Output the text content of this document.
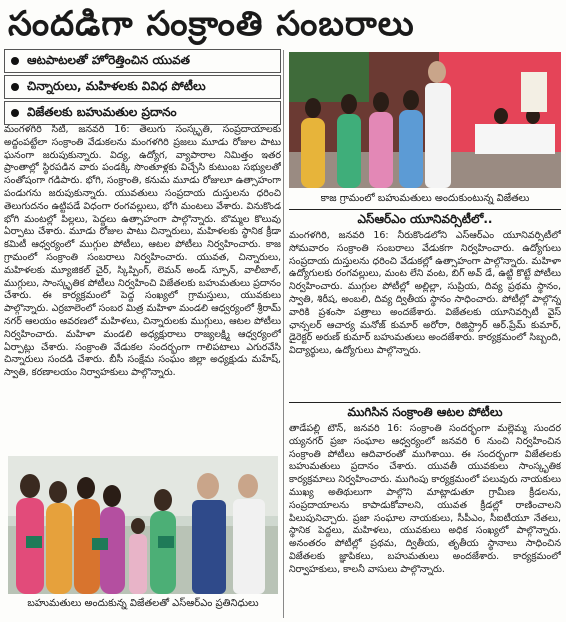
సందడిగా సంక్రాంతి సంబరాలు
ఆటపాటలతో హోరెత్తించిన యువత
చిన్నారులు, మహిళలకు వివిధ పోటీలు
విజేతలకు బహుమతుల ప్రదానం
మంగళగిరి సిటీ, జనవరి 16: తెలుగు సంస్కృతి, సంప్రదాయాలకు అద్దంపట్టేలా సంక్రాంతి వేడుకలను మంగళగిరి ప్రజలు మూడు రోజుల పాటు ఘనంగా జరుపుకున్నారు. విద్య, ఉద్యోగ, వ్యాపారాల నిమిత్తం ఇతర ప్రాంతాల్లో స్థిరపడిన వారు పండక్కి సొంతూళ్లకు విచ్చేసి కుటుంబ సభ్యులతో సంతోషంగా గడిపారు. భోగి, సంక్రాంతి, కనుమ మూడు రోజులూ ఉత్సాహంగా పండుగను జరుపుకున్నారు. యువతులు సంప్రదాయ దుస్తులను ధరించి తెలుగుదనం ఉట్టిపడే విధంగా రంగవల్లులు, భోగి మంటలు వేశారు. వినుకొండ భోగి మంటల్లో పిల్లలు, పెద్దలు ఉత్సాహంగా పాల్గొన్నారు. బొమ్మల కొలువు ఏర్పాటు చేశారు. మూడు రోజుల పాటు చిన్నారులు, మహిళలకు స్థానిక క్రీడా కమిటీ ఆధ్వర్యంలో ముగ్గుల పోటీలు, ఆటల పోటీలు నిర్వహించారు. కాజ గ్రామంలో సంక్రాంతి సంబరాలు నిర్వహించారు. యువత, చిన్నారులు, మహిళలకు మ్యూజికల్ చైర్, స్కిప్పింగ్, లెమన్ అండ్ స్పూన్, వాలీబాల్, ముగ్గులు, సాంస్కృతిక పోటీలు నిర్వహించి విజేతలకు బహుమతులు ప్రదానం చేశారు. ఈ కార్యక్రమంలో పెద్ద సంఖ్యలో గ్రామస్తులు, యువకులు పాల్గొన్నారు. ఎర్రబాలెంలో సంబర మిత్ర మహిళా మండలి ఆధ్వర్యంలో శ్రీరామ్ నగర్ ఆలయం ఆవరణలో మహిళలు, చిన్నారులకు ముగ్గులు, ఆటల పోటీలు నిర్వహించారు. మహిళా మండలి అధ్యక్షురాలు రాజ్యలక్ష్మి ఆధ్వర్యంలో ఏర్పాట్లు చేశారు. సంక్రాంతి వేడుకల సందర్భంగా గాలిపటాలు ఎగురవేసి చిన్నారులు సందడి చేశారు. బీసీ సంక్షేమ సంఘం జిల్లా అధ్యక్షుడు మహేష్, స్వాతి, కరణాలయం నిర్వాహకులు పాల్గొన్నారు.
బహుమతులు అందుకున్న విజేతలతో ఎస్ఆర్ఎం ప్రతినిధులు
కాజ గ్రామంలో బహుమతులు అందుకుంటున్న విజేతలు
ఎస్ఆర్ఎం యూనివర్సిటీలో..
మంగళగిరి, జనవరి 16: నీరుకొండలోని ఎస్ఆర్ఎం యూనివర్సిటీలో సోమవారం సంక్రాంతి సంబరాలు వేడుకగా నిర్వహించారు. ఉద్యోగులు సంప్రదాయ దుస్తులను ధరించి వేడుకల్లో ఉత్సాహంగా పాల్గొన్నారు. మహిళా ఉద్యోగులకు రంగవల్లులు, మంట లేని వంట, బిగ్ అవ్ డే, ఉట్టి కొట్టే పోటీలు నిర్వహించారు. ముగ్గుల పోటీల్లో అల్లిల్లా, సుప్రియ, దివ్య ప్రథమ స్థానం, స్వాతి, శిరీష, అంబలి, దివ్య ద్వితీయ స్థానం సాధించారు. పోటీల్లో పాల్గొన్న వారికి ప్రశంసా పత్రాలు అందజేశారు. విజేతలకు యూనివర్సిటీ వైస్ ఛాన్సలర్ ఆచార్య మనోజ్ కుమార్ అరోరా, రిజిస్ట్రార్ ఆర్.ప్రేమ్ కుమార్, డైరెక్టర్ అరుణ్ కుమార్ బహుమతులు అందజేశారు. కార్యక్రమంలో సిబ్బంది, విద్యార్థులు, ఉద్యోగులు పాల్గొన్నారు.
ముగిసిన సంక్రాంతి ఆటల పోటీలు
తాడేపల్లి టౌన్, జనవరి 16: సంక్రాంతి సందర్భంగా మల్లెమ్మ సుందర య్యనగర్ ప్రజా సంఘాల ఆధ్వర్యంలో జనవరి 6 నుంచి నిర్వహించిన సంక్రాంతి పోటీలు ఆదివారంతో ముగిశాయి. ఈ సందర్భంగా విజేతలకు బహుమతులు ప్రదానం చేశారు. యువతీ యువకులు సాంస్కృతిక కార్యక్రమాలు నిర్వహించారు. ముగింపు కార్యక్రమంలో పలువురు నాయకులు ముఖ్య అతిథులుగా పాల్గొని మాట్లాడుతూ గ్రామీణ క్రీడలను, సంప్రదాయాలను కాపాడుకోవాలని, యువత క్రీడల్లో రాణించాలని పిలుపునిచ్చారు. ప్రజా సంఘాల నాయకులు, సీపీఎం, సీఐటీయూ నేతలు, స్థానిక పెద్దలు, మహిళలు, యువకులు అధిక సంఖ్యలో పాల్గొన్నారు. అనంతరం పోటీల్లో ప్రథమ, ద్వితీయ, తృతీయ స్థానాలు సాధించిన విజేతలకు జ్ఞాపికలు, బహుమతులు అందజేశారు. కార్యక్రమంలో నిర్వాహకులు, కాలనీ వాసులు పాల్గొన్నారు.
